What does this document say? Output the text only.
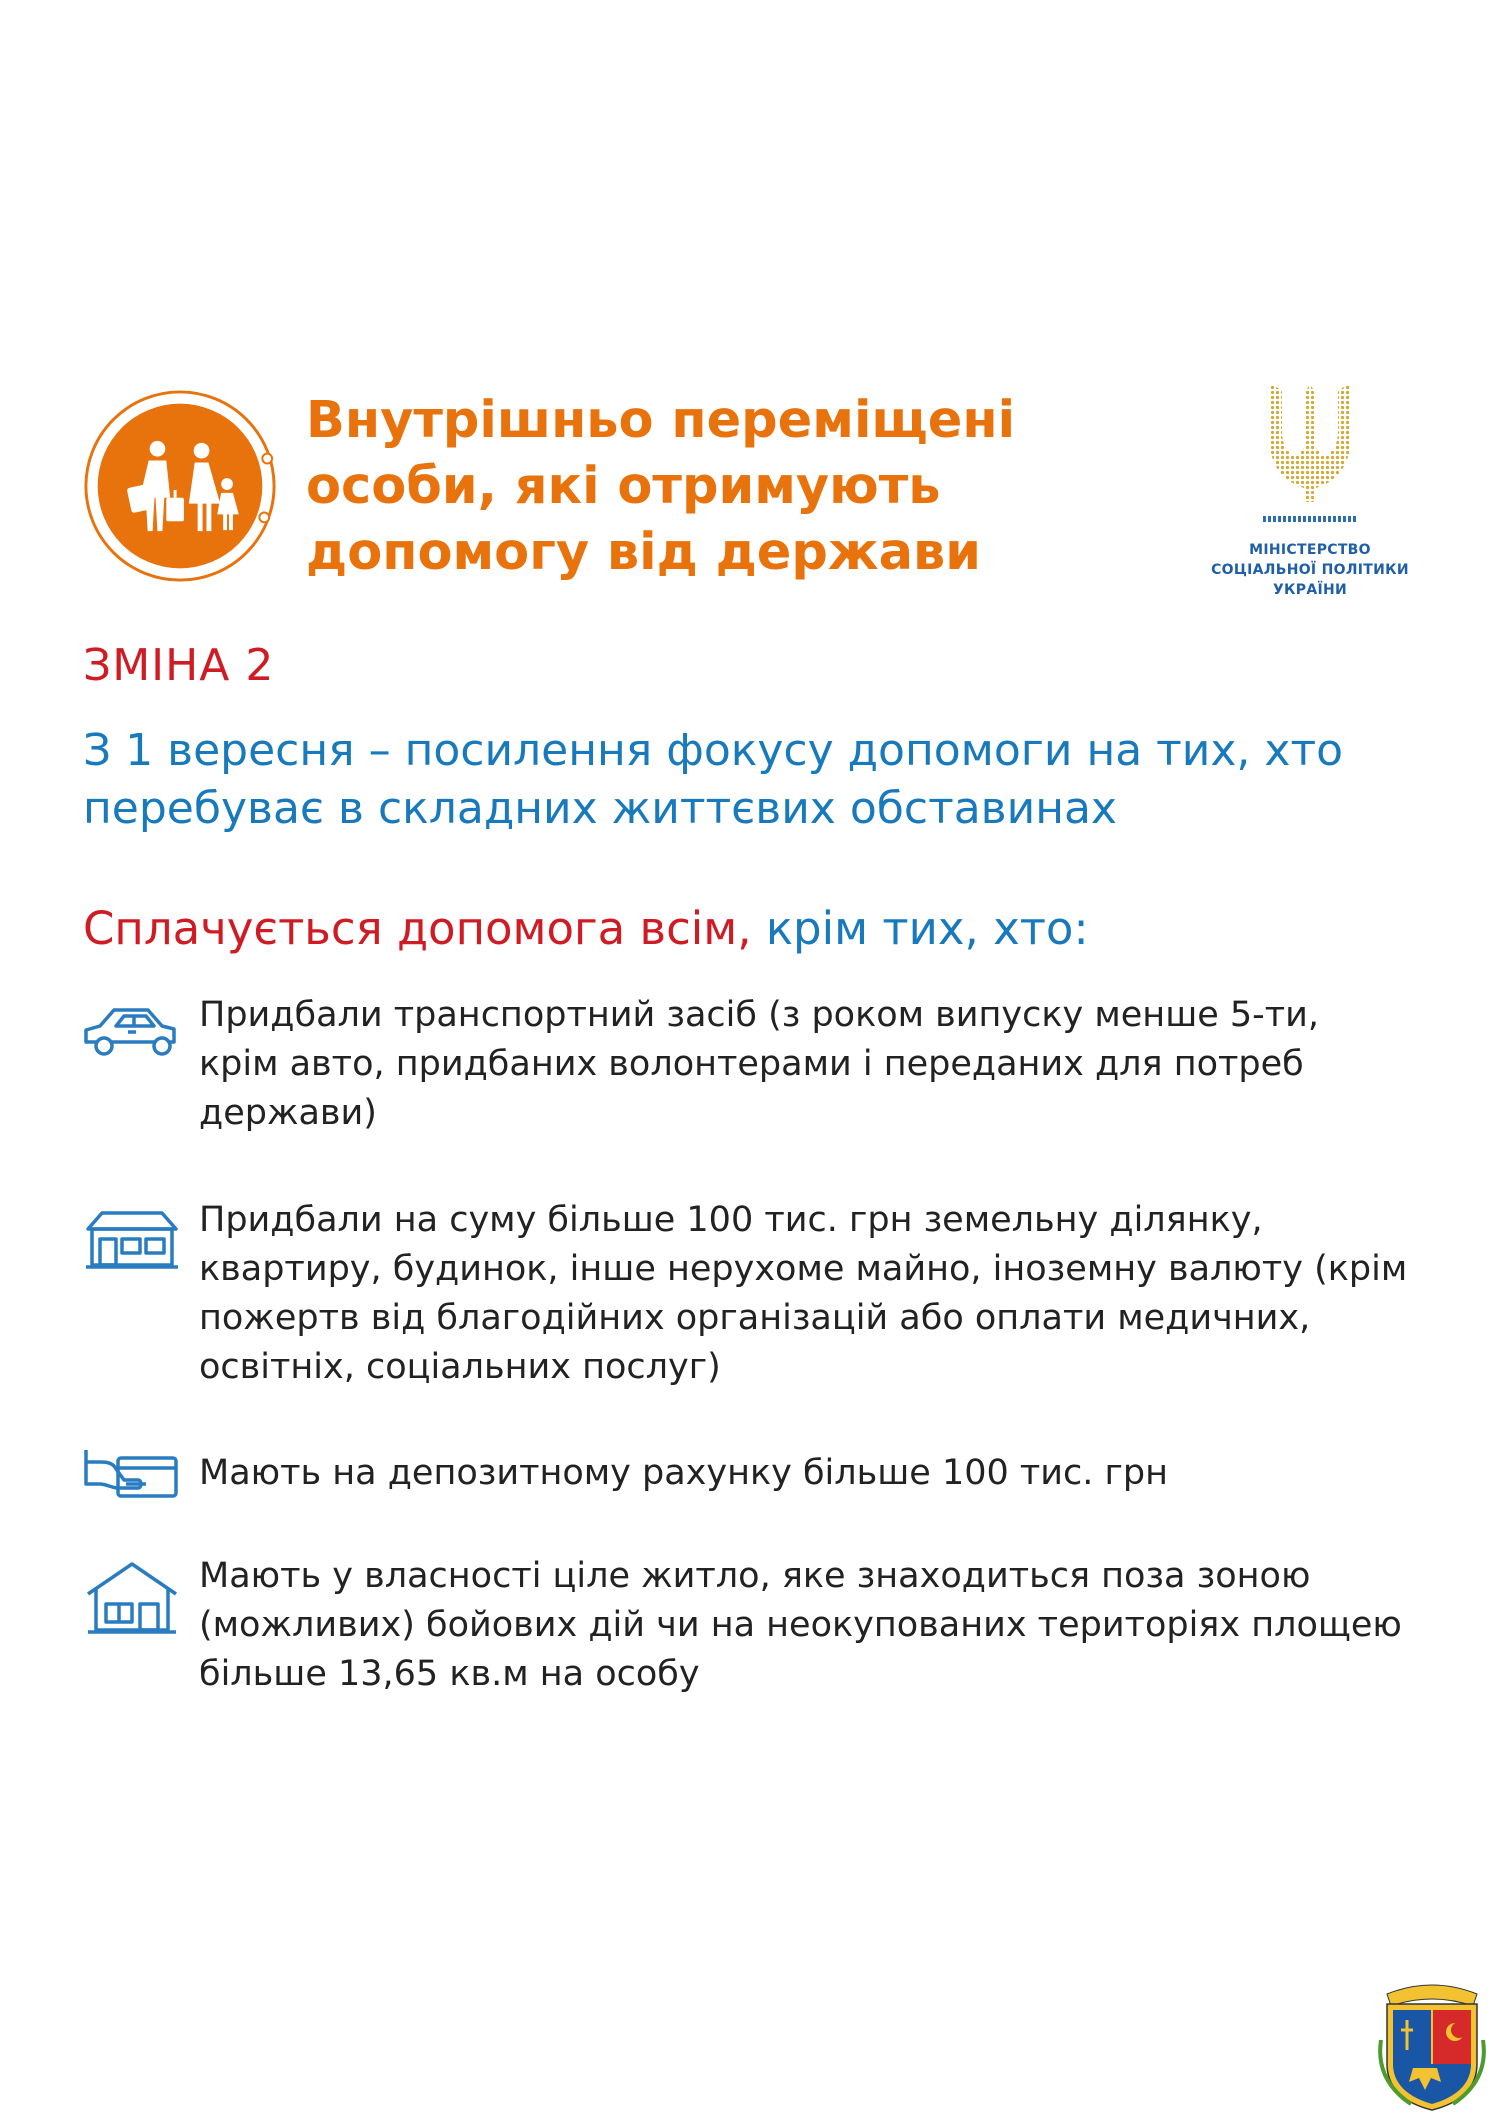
Внутрішньо переміщені особи, які отримують допомогу від держави	МІНІСТЕРСТВО
СОЦІАЛЬНОЇ ПОЛІТИКИ
УКРАЇНИ
ЗМІНА 2
З 1 вересня – посилення фокусу допомоги на тих, хто перебуває в складних життєвих обставинах
Сплачується допомога всім, крім тих, хто:
Придбали транспортний засіб (з роком випуску менше 5-ти, крім авто, придбаних волонтерами і переданих для потреб держави)
Придбали на суму більше 100 тис. грн земельну ділянку, квартиру, будинок, інше нерухоме майно, іноземну валюту (крім пожертв від благодійних організацій або оплати медичних, освітніх, соціальних послуг)
Мають на депозитному рахунку більше 100 тис. грн
Мають у власності ціле житло, яке знаходиться поза зоною (можливих) бойових дій чи на неокупованих територіях площею більше 13,65 кв.м на особу
